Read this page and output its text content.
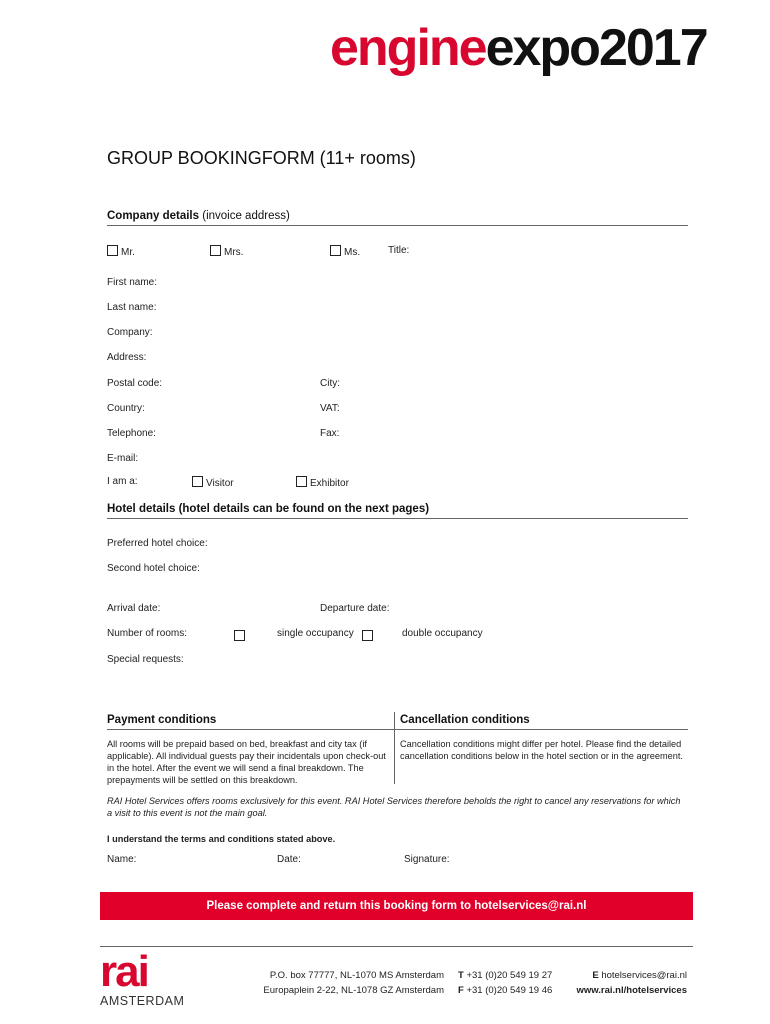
engineexpo2017
GROUP BOOKINGFORM (11+ rooms)
Company details (invoice address)
Mr.	Mrs.	Ms.	Title:
First name:
Last name:
Company:
Address:
Postal code:	City:
Country:	VAT:
Telephone:	Fax:
E-mail:
I am a:	Visitor	Exhibitor
Hotel details (hotel details can be found on the next pages)
Preferred hotel choice:
Second hotel choice:
Arrival date:	Departure date:
Number of rooms:	single occupancy	double occupancy
Special requests:
Payment conditions	Cancellation conditions
All rooms will be prepaid based on bed, breakfast and city tax (if applicable). All individual guests pay their incidentals upon check-out in the hotel. After the event we will send a final breakdown. The prepayments will be settled on this breakdown.
Cancellation conditions might differ per hotel. Please find the detailed cancellation conditions below in the hotel section or in the agreement.
RAI Hotel Services offers rooms exclusively for this event. RAI Hotel Services therefore beholds the right to cancel any reservations for which a visit to this event is not the main goal.
I understand the terms and conditions stated above.
Name:	Date:	Signature:
Please complete and return this booking form to hotelservices@rai.nl
rai
AMSTERDAM
P.O. box 77777, NL-1070 MS Amsterdam
Europaplein 2-22, NL-1078 GZ Amsterdam
T +31 (0)20 549 19 27
F +31 (0)20 549 19 46
E hotelservices@rai.nl
www.rai.nl/hotelservices
